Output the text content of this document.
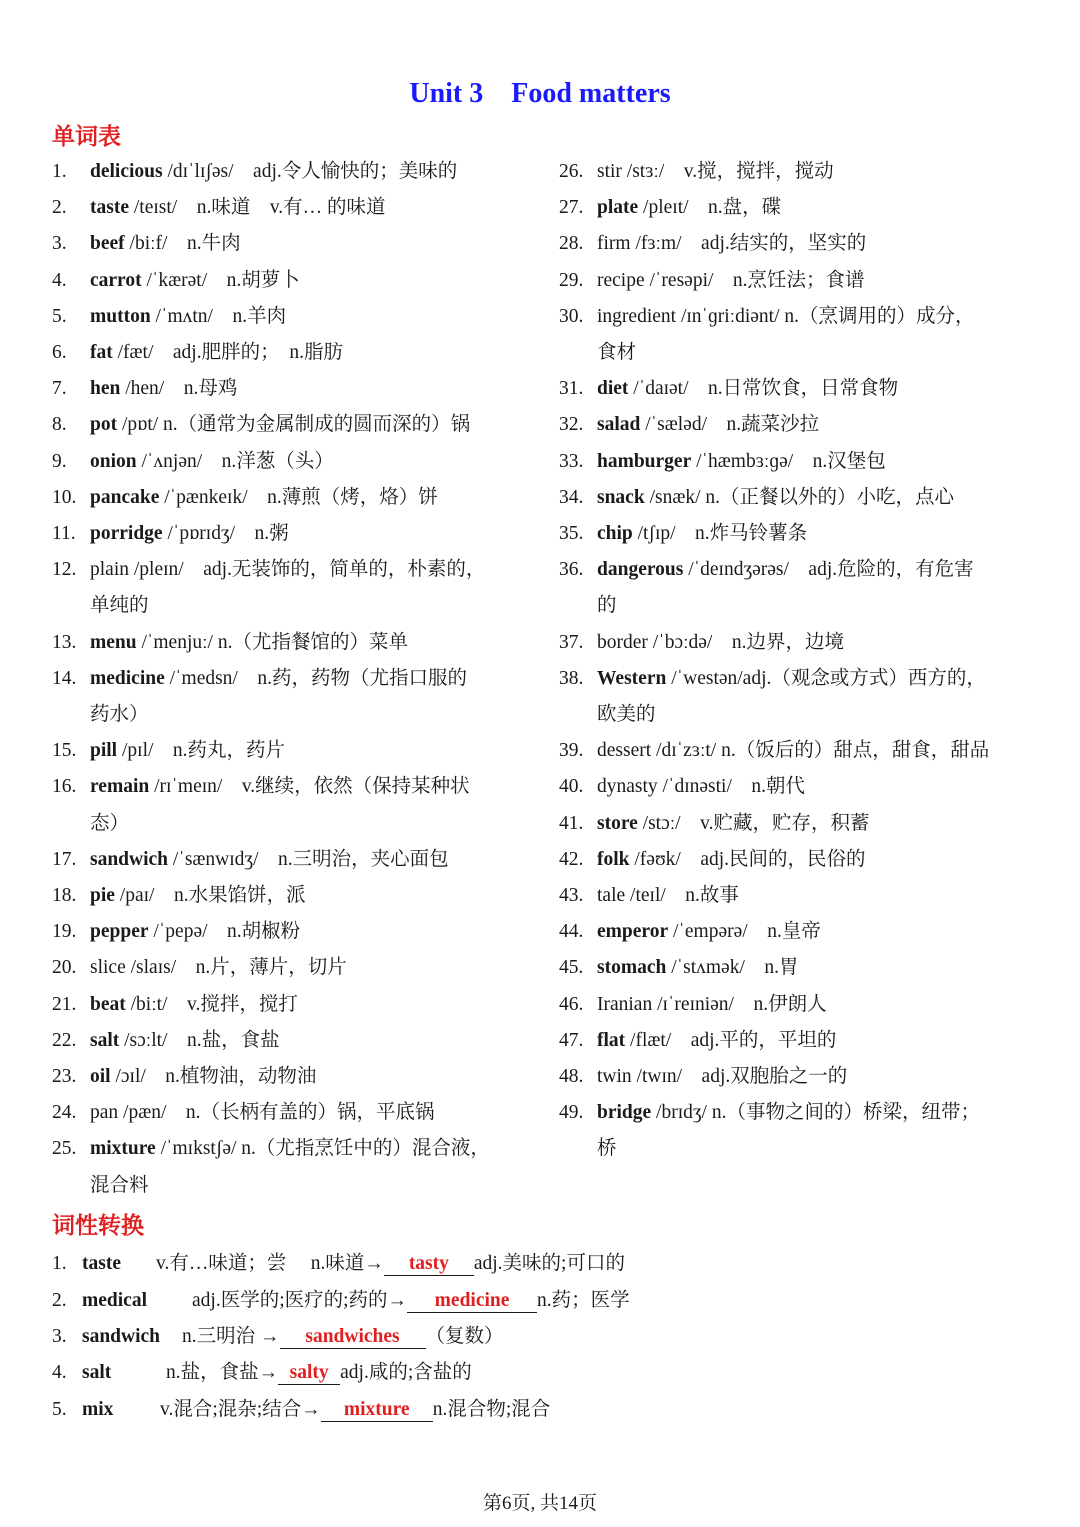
Unit 3 Food matters
单词表
1. delicious /dɪˈlɪʃəs/　adj.令人愉快的；美味的
2. taste /teɪst/　n.味道　v.有… 的味道
3. beef /biːf/　n.牛肉
4. carrot /ˈkærət/　n.胡萝卜
5. mutton /ˈmʌtn/　n.羊肉
6. fat /fæt/　adj.肥胖的；　n.脂肪
7. hen /hen/　n.母鸡
8. pot /pɒt/ n.（通常为金属制成的圆而深的）锅
9. onion /ˈʌnjən/　n.洋葱（头）
10. pancake /ˈpænkeɪk/　n.薄煎（烤，烙）饼
11. porridge /ˈpɒrɪdʒ/　n.粥
12. plain /pleɪn/　adj.无装饰的，简单的，朴素的，
单纯的
13. menu /ˈmenjuː/ n.（尤指餐馆的）菜单
14. medicine /ˈmedsn/　n.药，药物（尤指口服的
药水）
15. pill /pɪl/　n.药丸，药片
16. remain /rɪˈmeɪn/　v.继续，依然（保持某种状
态）
17. sandwich /ˈsænwɪdʒ/　n.三明治，夹心面包
18. pie /paɪ/　n.水果馅饼，派
19. pepper /ˈpepə/　n.胡椒粉
20. slice /slaɪs/　n.片，薄片，切片
21. beat /biːt/　v.搅拌，搅打
22. salt /sɔːlt/　n.盐，食盐
23. oil /ɔɪl/　n.植物油，动物油
24. pan /pæn/　n.（长柄有盖的）锅，平底锅
25. mixture /ˈmɪkstʃə/ n.（尤指烹饪中的）混合液，
混合料
26. stir /stɜː/　v.搅，搅拌，搅动
27. plate /pleɪt/　n.盘，碟
28. firm /fɜːm/　adj.结实的，坚实的
29. recipe /ˈresəpi/　n.烹饪法；食谱
30. ingredient /ɪnˈɡriːdiənt/ n.（烹调用的）成分，
食材
31. diet /ˈdaɪət/　n.日常饮食，日常食物
32. salad /ˈsæləd/　n.蔬菜沙拉
33. hamburger /ˈhæmbɜːɡə/　n.汉堡包
34. snack /snæk/ n.（正餐以外的）小吃，点心
35. chip /tʃɪp/　n.炸马铃薯条
36. dangerous /ˈdeɪndʒərəs/　adj.危险的，有危害
的
37. border /ˈbɔːdə/　n.边界，边境
38. Western /ˈwestən/adj.（观念或方式）西方的，
欧美的
39. dessert /dɪˈzɜːt/ n.（饭后的）甜点，甜食，甜品
40. dynasty /ˈdɪnəsti/　n.朝代
41. store /stɔː/　v.贮藏，贮存，积蓄
42. folk /fəʊk/　adj.民间的，民俗的
43. tale /teɪl/　n.故事
44. emperor /ˈempərə/　n.皇帝
45. stomach /ˈstʌmək/　n.胃
46. Iranian /ɪˈreɪniən/　n.伊朗人
47. flat /flæt/　adj.平的，平坦的
48. twin /twɪn/　adj.双胞胎之一的
49. bridge /brɪdʒ/ n.（事物之间的）桥梁，纽带；
桥
词性转换
1. taste v.有…味道；尝　 n.味道→ tasty adj.美味的;可口的
2. medical adj.医学的;医疗的;药的→ medicine n.药；医学
3. sandwich n.三明治 → sandwiches （复数）
4. salt	n.盐，食盐→ salty adj.咸的;含盐的
5. mix v.混合;混杂;结合→ mixture n.混合物;混合
第6页, 共14页
